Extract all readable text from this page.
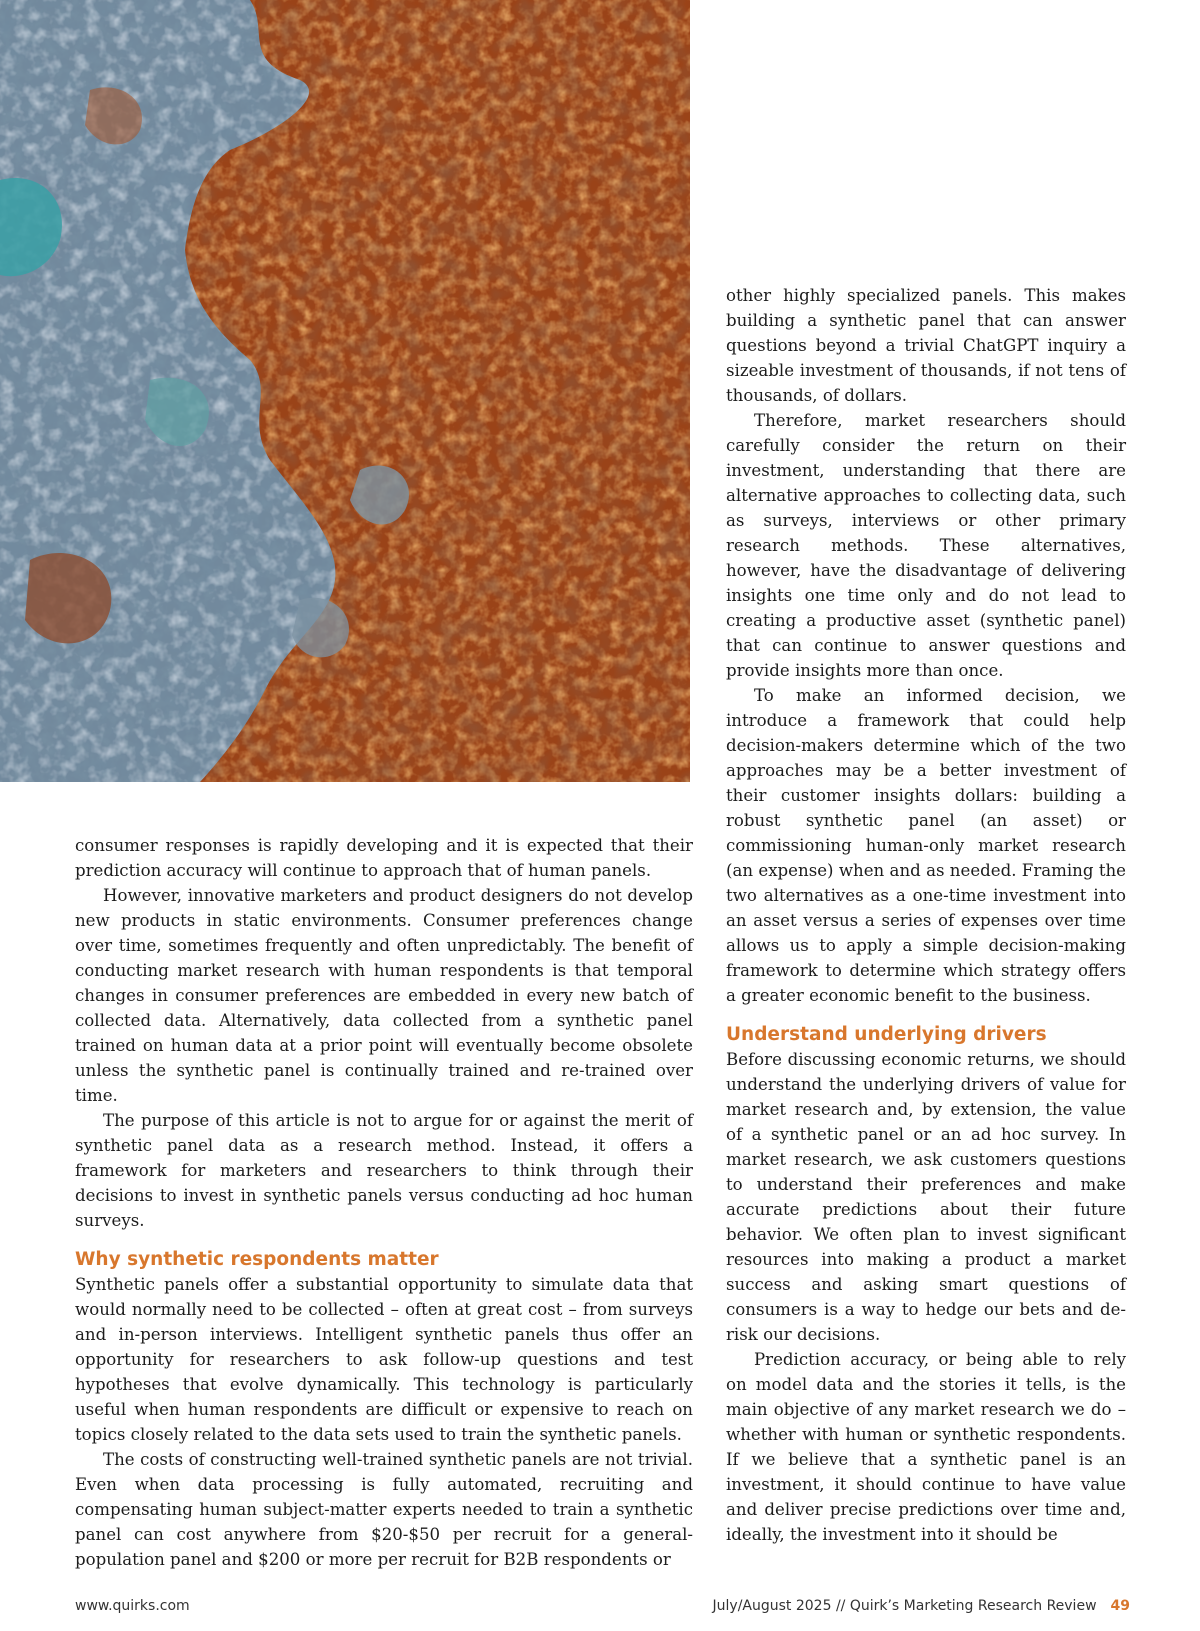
consumer responses is rapidly developing and it is expected that their prediction accuracy will continue to approach that of human panels.

However, innovative marketers and product designers do not develop new products in static environments. Consumer preferences change over time, sometimes frequently and often unpredictably. The benefit of conducting market research with human respondents is that temporal changes in consumer preferences are embedded in every new batch of collected data. Alternatively, data collected from a synthetic panel trained on human data at a prior point will eventually become obsolete unless the synthetic panel is continually trained and re-trained over time.

The purpose of this article is not to argue for or against the merit of synthetic panel data as a research method. Instead, it offers a framework for marketers and researchers to think through their decisions to invest in synthetic panels versus conducting ad hoc human surveys.

Why synthetic respondents matter

Synthetic panels offer a substantial opportunity to simulate data that would normally need to be collected – often at great cost – from surveys and in-person interviews. Intelligent synthetic panels thus offer an opportunity for researchers to ask follow-up questions and test hypotheses that evolve dynamically. This technology is particularly useful when human respondents are difficult or expensive to reach on topics closely related to the data sets used to train the synthetic panels.

The costs of constructing well-trained synthetic panels are not trivial. Even when data processing is fully automated, recruiting and compensating human subject-matter experts needed to train a synthetic panel can cost anywhere from $20-$50 per recruit for a general-population panel and $200 or more per recruit for B2B respondents or

other highly specialized panels. This makes building a synthetic panel that can answer questions beyond a trivial ChatGPT inquiry a sizeable investment of thousands, if not tens of thousands, of dollars.

Therefore, market researchers should carefully consider the return on their investment, understanding that there are alternative approaches to collecting data, such as surveys, interviews or other primary research methods. These alternatives, however, have the disadvantage of delivering insights one time only and do not lead to creating a productive asset (synthetic panel) that can continue to answer questions and provide insights more than once.

To make an informed decision, we introduce a framework that could help decision-makers determine which of the two approaches may be a better investment of their customer insights dollars: building a robust synthetic panel (an asset) or commissioning human-only market research (an expense) when and as needed. Framing the two alternatives as a one-time investment into an asset versus a series of expenses over time allows us to apply a simple decision-making framework to determine which strategy offers a greater economic benefit to the business.

Understand underlying drivers

Before discussing economic returns, we should understand the underlying drivers of value for market research and, by extension, the value of a synthetic panel or an ad hoc survey. In market research, we ask customers questions to understand their preferences and make accurate predictions about their future behavior. We often plan to invest significant resources into making a product a market success and asking smart questions of consumers is a way to hedge our bets and de-risk our decisions.

Prediction accuracy, or being able to rely on model data and the stories it tells, is the main objective of any market research we do – whether with human or synthetic respondents. If we believe that a synthetic panel is an investment, it should continue to have value and deliver precise predictions over time and, ideally, the investment into it should be

www.quirks.com	July/August 2025 // Quirk’s Marketing Research Review 49
